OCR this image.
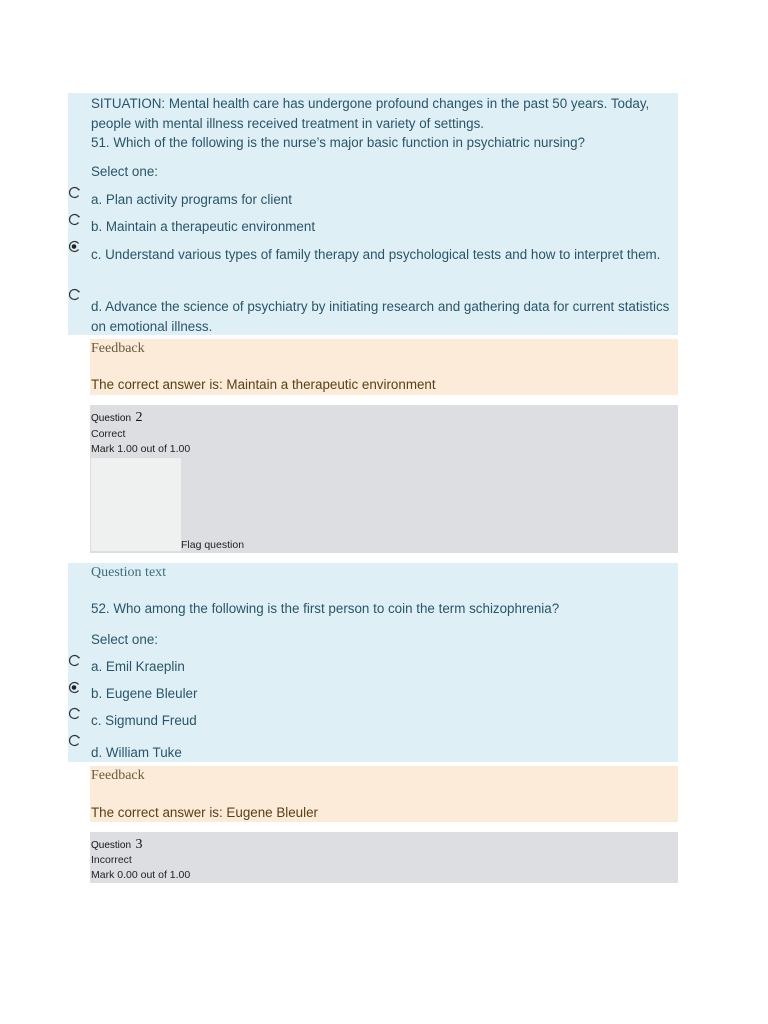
SITUATION: Mental health care has undergone profound changes in the past 50 years. Today, people with mental illness received treatment in variety of settings.
51. Which of the following is the nurse’s major basic function in psychiatric nursing?
Select one:
a. Plan activity programs for client
b. Maintain a therapeutic environment
c. Understand various types of family therapy and psychological tests and how to interpret them.
d. Advance the science of psychiatry by initiating research and gathering data for current statistics on emotional illness.
Feedback
The correct answer is: Maintain a therapeutic environment
Question 2
Correct
Mark 1.00 out of 1.00
Flag question
Question text
52. Who among the following is the first person to coin the term schizophrenia?
Select one:
a. Emil Kraeplin
b. Eugene Bleuler
c. Sigmund Freud
d. William Tuke
Feedback
The correct answer is: Eugene Bleuler
Question 3
Incorrect
Mark 0.00 out of 1.00
